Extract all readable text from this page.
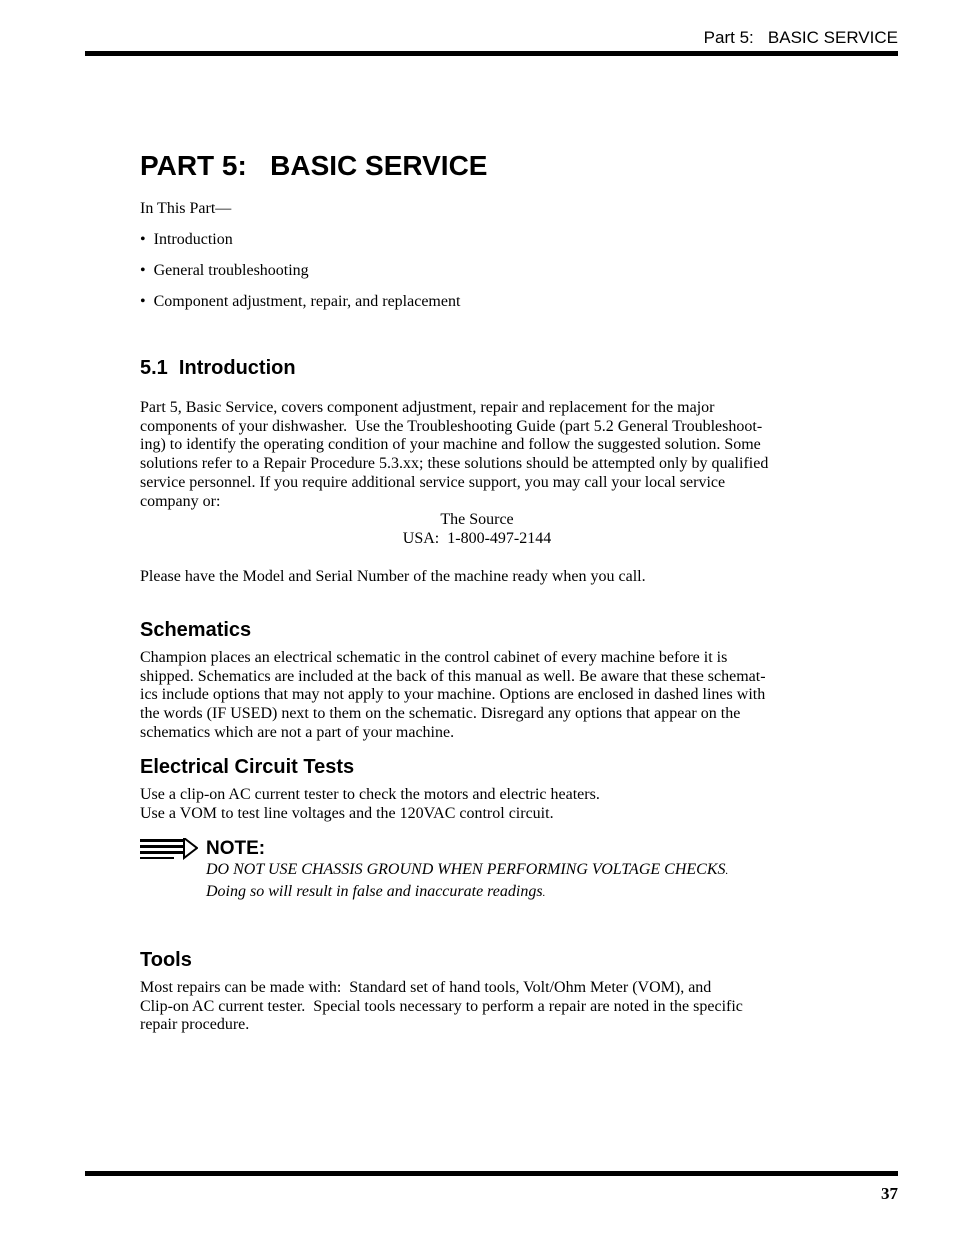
Part 5:   BASIC SERVICE
PART 5:   BASIC SERVICE
In This Part—
• Introduction
• General troubleshooting
• Component adjustment, repair, and replacement
5.1  Introduction
Part 5, Basic Service, covers component adjustment, repair and replacement for the major
components of your dishwasher.  Use the Troubleshooting Guide (part 5.2 General Troubleshoot-
ing) to identify the operating condition of your machine and follow the suggested solution. Some
solutions refer to a Repair Procedure 5.3.xx; these solutions should be attempted only by qualified
service personnel. If you require additional service support, you may call your local service
company or:
The Source
USA:  1-800-497-2144
Please have the Model and Serial Number of the machine ready when you call.
Schematics
Champion places an electrical schematic in the control cabinet of every machine before it is
shipped. Schematics are included at the back of this manual as well. Be aware that these schemat-
ics include options that may not apply to your machine. Options are enclosed in dashed lines with
the words (IF USED) next to them on the schematic. Disregard any options that appear on the
schematics which are not a part of your machine.
Electrical Circuit Tests
Use a clip-on AC current tester to check the motors and electric heaters.
Use a VOM to test line voltages and the 120VAC control circuit.
NOTE:
DO NOT USE CHASSIS GROUND WHEN PERFORMING VOLTAGE CHECKS.
Doing so will result in false and inaccurate readings.
Tools
Most repairs can be made with:  Standard set of hand tools, Volt/Ohm Meter (VOM), and
Clip-on AC current tester.  Special tools necessary to perform a repair are noted in the specific
repair procedure.
37
